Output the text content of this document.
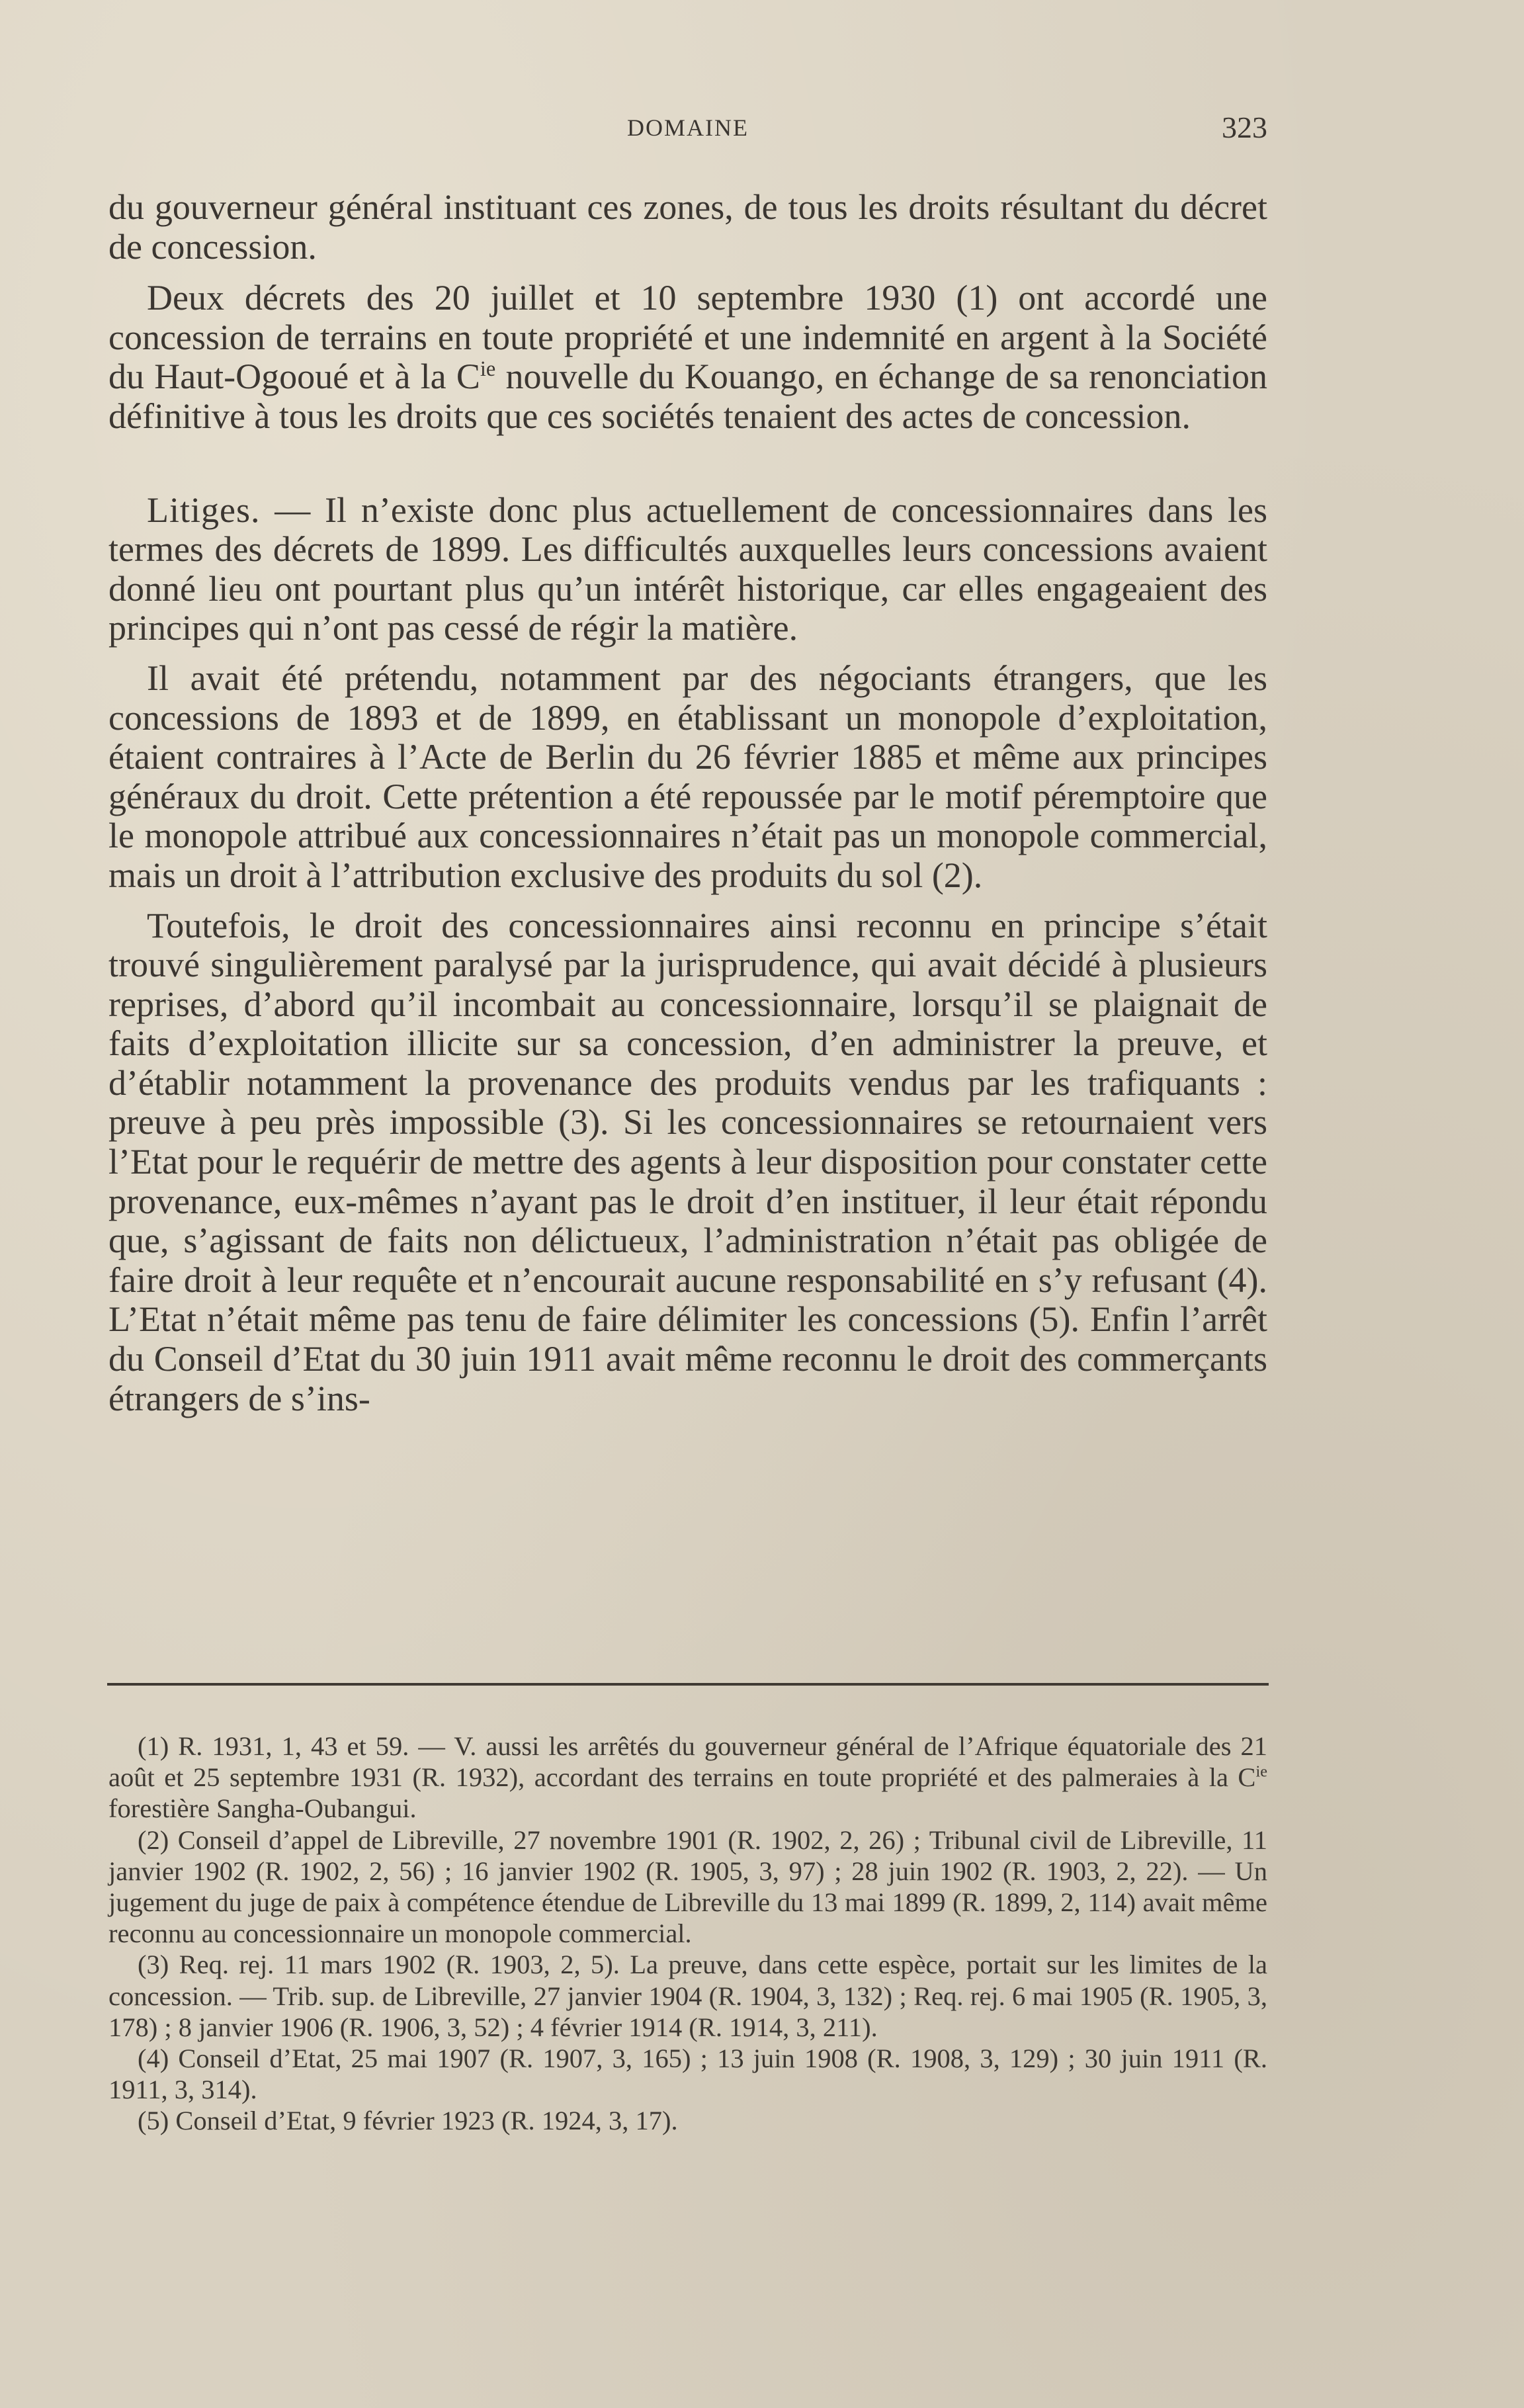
DOMAINE	323

du gouverneur général instituant ces zones, de tous les droits résultant du décret de concession.

Deux décrets des 20 juillet et 10 septembre 1930 (1) ont accordé une concession de terrains en toute propriété et une indemnité en argent à la Société du Haut-Ogooué et à la $C^{ie}$ nouvelle du Kouango, en échange de sa renonciation définitive à tous les droits que ces sociétés tenaient des actes de concession.

Litiges. — Il n’existe donc plus actuellement de concessionnaires dans les termes des décrets de 1899. Les difficultés auxquelles leurs concessions avaient donné lieu ont pourtant plus qu’un intérêt historique, car elles engageaient des principes qui n’ont pas cessé de régir la matière.

Il avait été prétendu, notamment par des négociants étrangers, que les concessions de 1893 et de 1899, en établissant un monopole d’exploitation, étaient contraires à l’Acte de Berlin du 26 février 1885 et même aux principes généraux du droit. Cette prétention a été repoussée par le motif péremptoire que le monopole attribué aux concessionnaires n’était pas un monopole commercial, mais un droit à l’attribution exclusive des produits du sol (2).

Toutefois, le droit des concessionnaires ainsi reconnu en principe s’était trouvé singulièrement paralysé par la jurisprudence, qui avait décidé à plusieurs reprises, d’abord qu’il incombait au concessionnaire, lorsqu’il se plaignait de faits d’exploitation illicite sur sa concession, d’en administrer la preuve, et d’établir notamment la provenance des produits vendus par les trafiquants : preuve à peu près impossible (3). Si les concessionnaires se retournaient vers l’Etat pour le requérir de mettre des agents à leur disposition pour constater cette provenance, eux-mêmes n’ayant pas le droit d’en instituer, il leur était répondu que, s’agissant de faits non délictueux, l’administration n’était pas obligée de faire droit à leur requête et n’encourait aucune responsabilité en s’y refusant (4). L’Etat n’était même pas tenu de faire délimiter les concessions (5). Enfin l’arrêt du Conseil d’Etat du 30 juin 1911 avait même reconnu le droit des commerçants étrangers de s’ins-

(1) R. 1931, 1, 43 et 59. — V. aussi les arrêtés du gouverneur général de l’Afrique équatoriale des 21 août et 25 septembre 1931 (R. 1932), accordant des terrains en toute propriété et des palmeraies à la $C^{ie}$ forestière Sangha-Oubangui.

(2) Conseil d’appel de Libreville, 27 novembre 1901 (R. 1902, 2, 26) ; Tribunal civil de Libreville, 11 janvier 1902 (R. 1902, 2, 56) ; 16 janvier 1902 (R. 1905, 3, 97) ; 28 juin 1902 (R. 1903, 2, 22). — Un jugement du juge de paix à compétence étendue de Libreville du 13 mai 1899 (R. 1899, 2, 114) avait même reconnu au concessionnaire un monopole commercial.

(3) Req. rej. 11 mars 1902 (R. 1903, 2, 5). La preuve, dans cette espèce, portait sur les limites de la concession. — Trib. sup. de Libreville, 27 janvier 1904 (R. 1904, 3, 132) ; Req. rej. 6 mai 1905 (R. 1905, 3, 178) ; 8 janvier 1906 (R. 1906, 3, 52) ; 4 février 1914 (R. 1914, 3, 211).

(4) Conseil d’Etat, 25 mai 1907 (R. 1907, 3, 165) ; 13 juin 1908 (R. 1908, 3, 129) ; 30 juin 1911 (R. 1911, 3, 314).

(5) Conseil d’Etat, 9 février 1923 (R. 1924, 3, 17).
